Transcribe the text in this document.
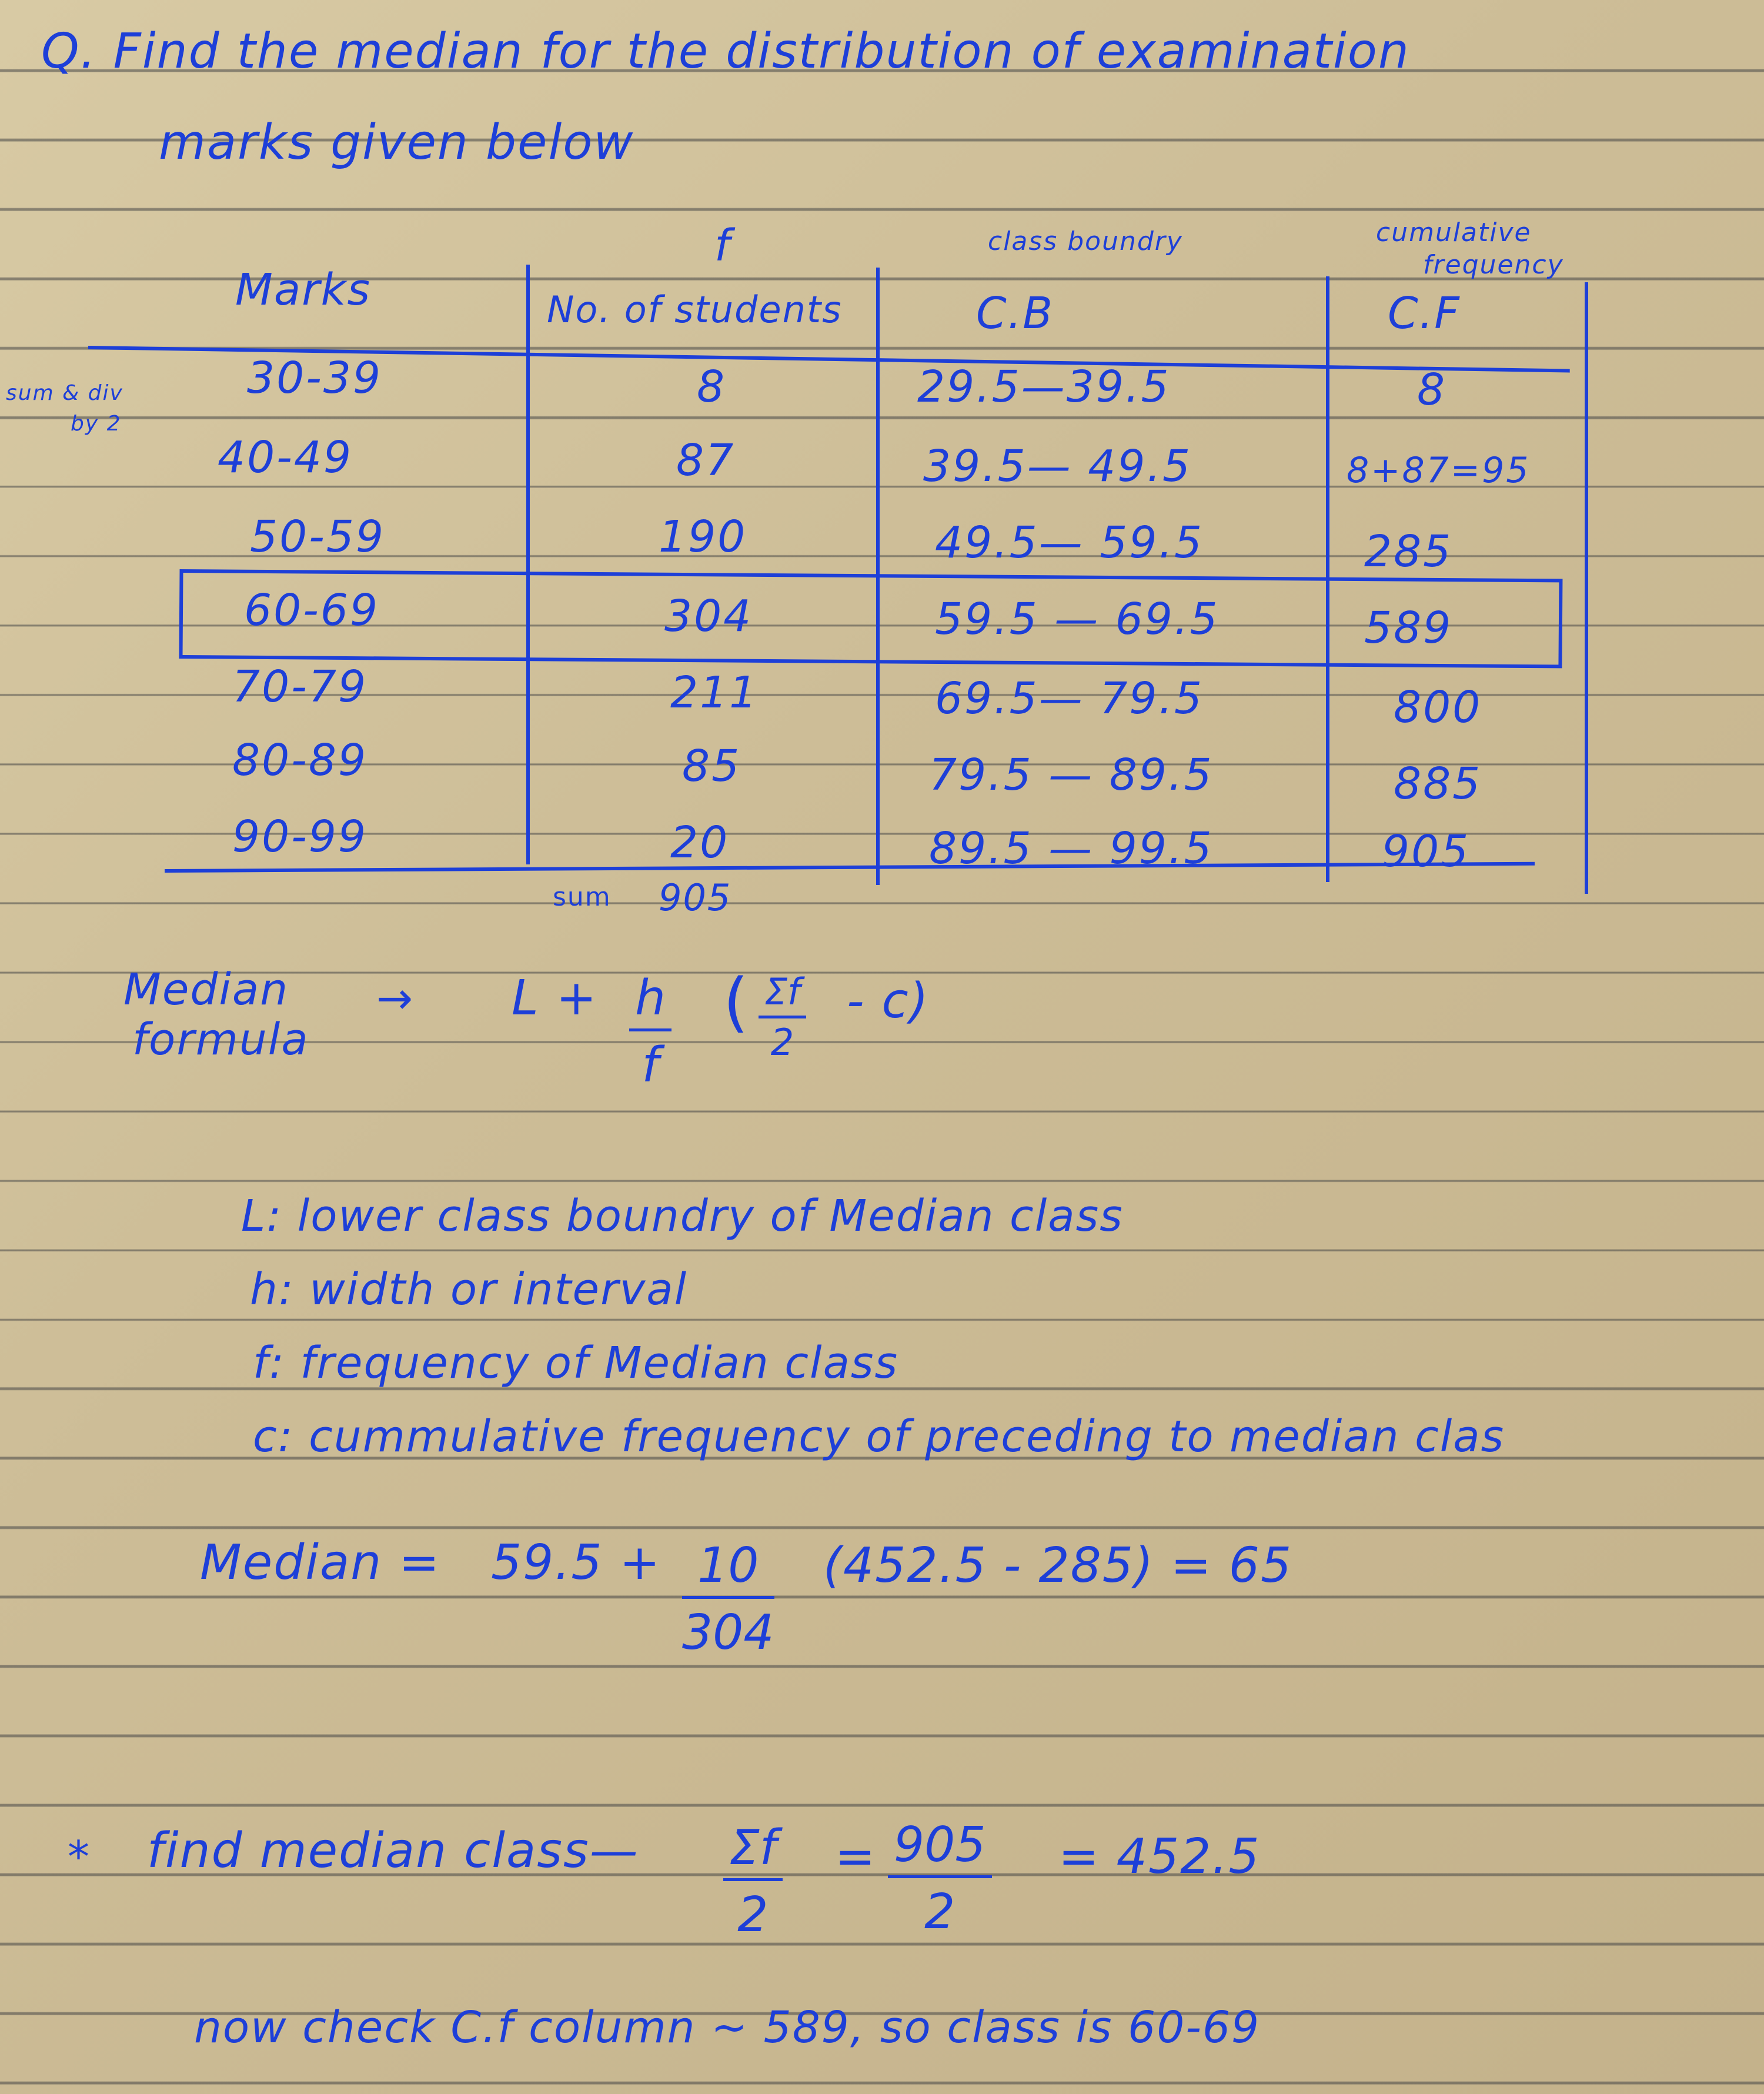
Q. Find the median for the distribution of examination
marks given below
sum & div
by 2
Marks
f
No. of students
class boundry
C.B
cumulative
frequency
C.F
30-39	8	29.5—39.5	8
40-49	87	39.5— 49.5	8+87=95
50-59	190	49.5— 59.5	285
60-69	304	59.5 — 69.5	589
70-79	211	69.5— 79.5	800
80-89	85	79.5 — 89.5	885
90-99	20	89.5 — 99.5	905
sum 905
Median
formula
→ $L + \frac{h}{f}$ ( $\frac{\Sigma f}{2} - c$)
L: lower class boundry of Median class
h: width or interval
f: frequency of Median class
c: cummulative frequency of preceding to median clas
Median = $59.5 + \frac{10}{304} (452.5 - 285) = 65$
* find median class— $\frac{\Sigma f}{2} = \frac{905}{2} = 452.5$
now check C.f column ~ 589, so class is 60-69
